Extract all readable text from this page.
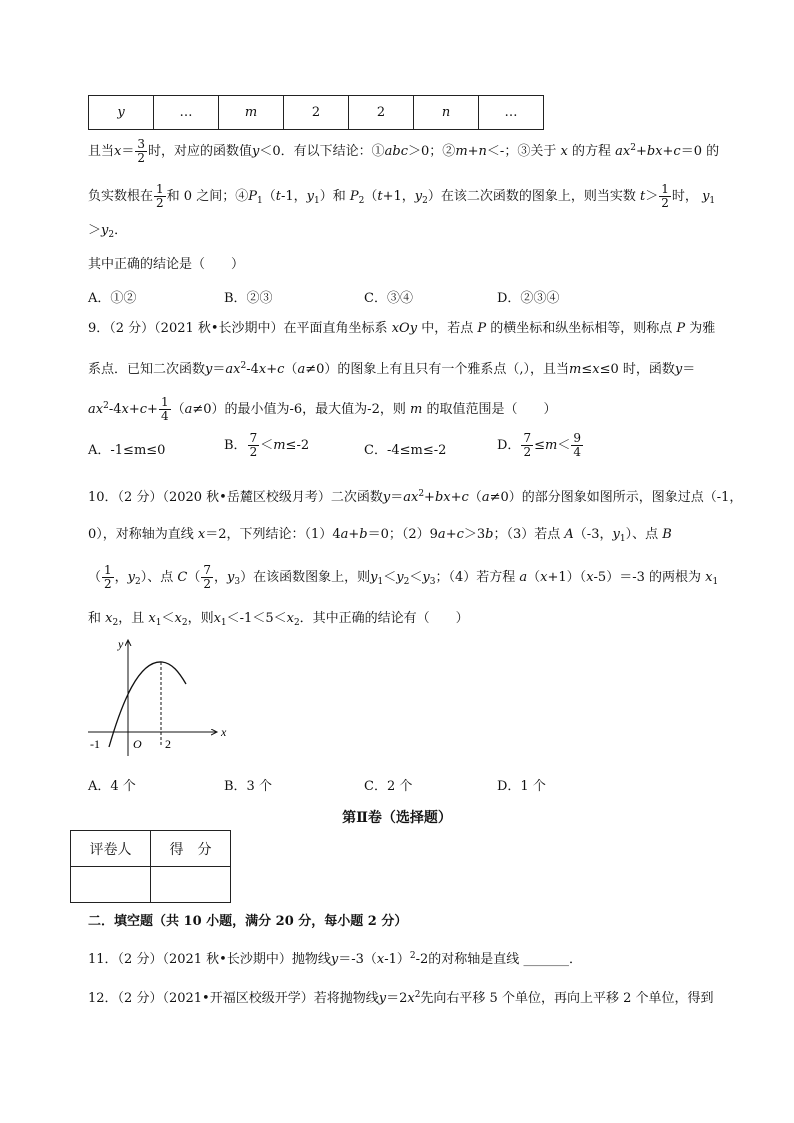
y	…	m	2	2	n	…
且当$x= \frac{3}{2}$ 时，对应的函数值y＜0．有以下结论：①abc＞0；②m+n＜-；③关于 x 的方程 $ax^2+bx+c=0$ 的
负实数根在 $\frac{1}{2}$ 和 0 之间；$④P_1(t-1$，$y_1$）和 $P_2(t+1$，$y_2$）在该二次函数的图象上，则当实数 $t> \frac{1}{2}$ 时， $y_1$
$>y_2$．
其中正确的结论是（　　）
A．①②	B．②③	C．③④	D．②③④
9．（2 分）（2021 秋•长沙期中）在平面直角坐标系 xOy 中，若点 P 的横坐标和纵坐标相等，则称点 P 为雅
系点．已知二次函数$y=ax^2-4x+c(a\ne 0)$的图象上有且只有一个雅系点（,），且当m≤x≤0 时，函数y＝
$ax^2-4x+c+ \frac{1}{4} (a\ne 0)$的最小值为-6，最大值为-2，则 m 的取值范围是（　　）
A．-1≤m≤0	B． $\frac{7}{2} <m\le-2$	C．-4≤m≤-2	D． $\frac{7}{2} \le m< \frac{9}{4}$
10．（2 分）（2020 秋•岳麓区校级月考）二次函数$y=ax^2+bx+c(a\ne 0)$的部分图象如图所示，图象过点（-1，
0），对称轴为直线 x＝2，下列结论：（1）4a+b＝0；（2）9a+c＞3b；（3）若点 A（-3，$y_1$）、点 B
（ $\frac{1}{2}$ ，$y_2$）、点 $C( \frac{7}{2}$ ，$y_3$）在该函数图象上，则$y_1<y_2<y_3$；（4）若方程 a（x+1）（x-5）＝-3 的两根为 $x_1$
和 $x_2$，且 $x_1<x_2$，则$x_1<-1<5<x_2$．其中正确的结论有（　　）
y
x
O
-1	2
A．4 个	B．3 个	C．2 个	D．1 个
第Ⅱ卷（选择题）
评卷人	得　分

二．填空题（共 10 小题，满分 20 分，每小题 2 分）
11．（2 分）（2021 秋•长沙期中）抛物线$y=-3(x-1)^2-2$的对称轴是直线 _______．
12．（2 分）（2021•开福区校级开学）若将抛物线$y=2x^2$先向右平移 5 个单位，再向上平移 2 个单位，得到
